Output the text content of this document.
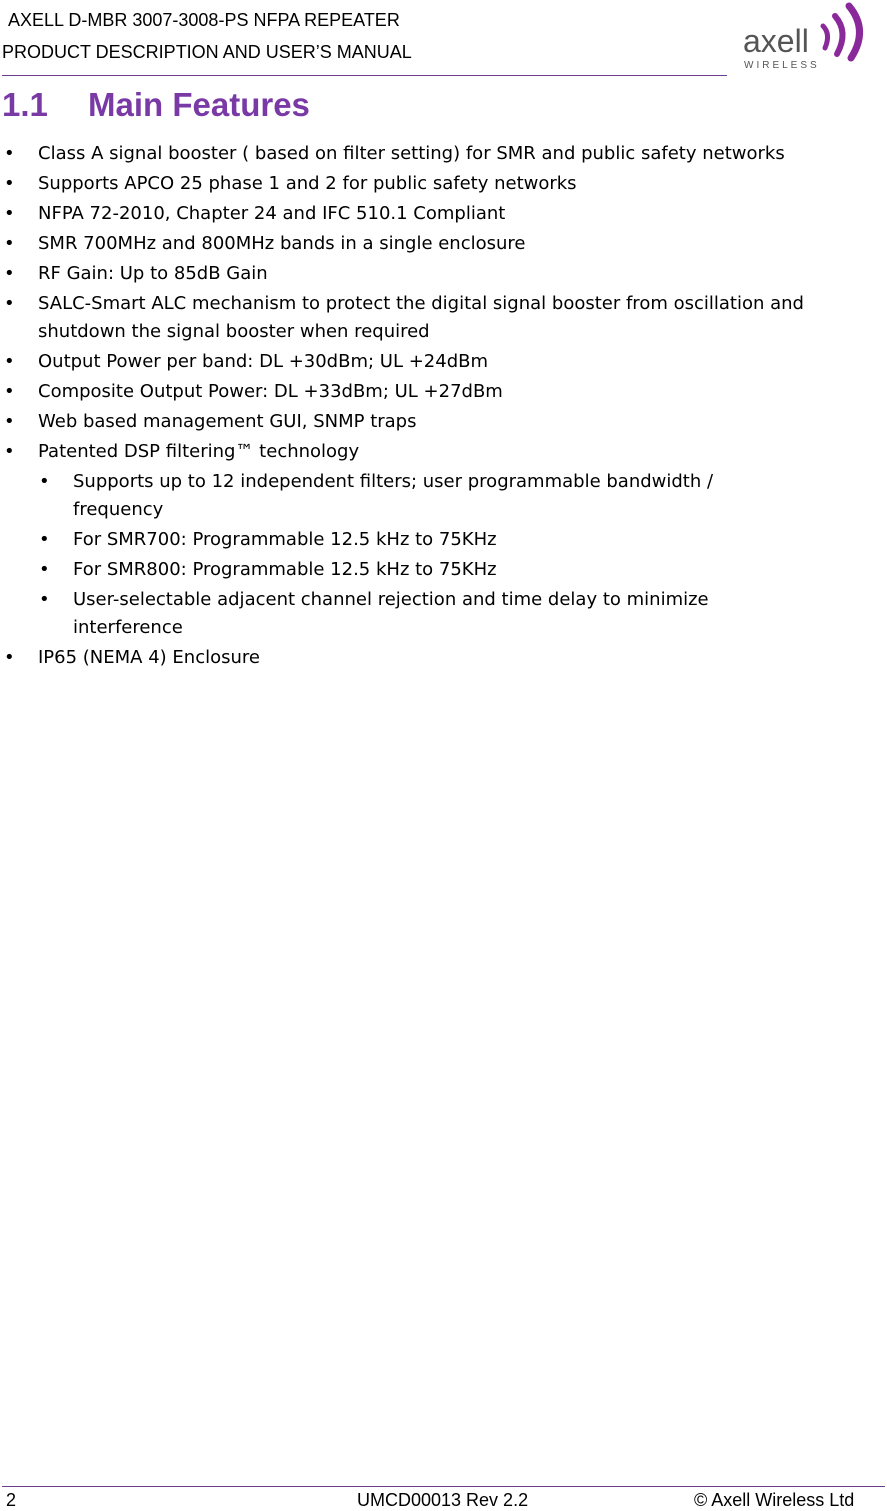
AXELL D-MBR 3007-3008-PS NFPA REPEATER
PRODUCT DESCRIPTION AND USER’S MANUAL	axell
WIRELESS
1.1 Main Features
• Class A signal booster ( based on filter setting) for SMR and public safety networks
• Supports APCO 25 phase 1 and 2 for public safety networks
• NFPA 72-2010, Chapter 24 and IFC 510.1 Compliant
• SMR 700MHz and 800MHz bands in a single enclosure
• RF Gain: Up to 85dB Gain
• SALC-Smart ALC mechanism to protect the digital signal booster from oscillation and shutdown the signal booster when required
• Output Power per band: DL +30dBm; UL +24dBm
• Composite Output Power: DL +33dBm; UL +27dBm
• Web based management GUI, SNMP traps
• Patented DSP filtering™ technology
• Supports up to 12 independent filters; user programmable bandwidth / frequency
• For SMR700: Programmable 12.5 kHz to 75KHz
• For SMR800: Programmable 12.5 kHz to 75KHz
• User-selectable adjacent channel rejection and time delay to minimize interference
• IP65 (NEMA 4) Enclosure
2	UMCD00013 Rev 2.2	© Axell Wireless Ltd
